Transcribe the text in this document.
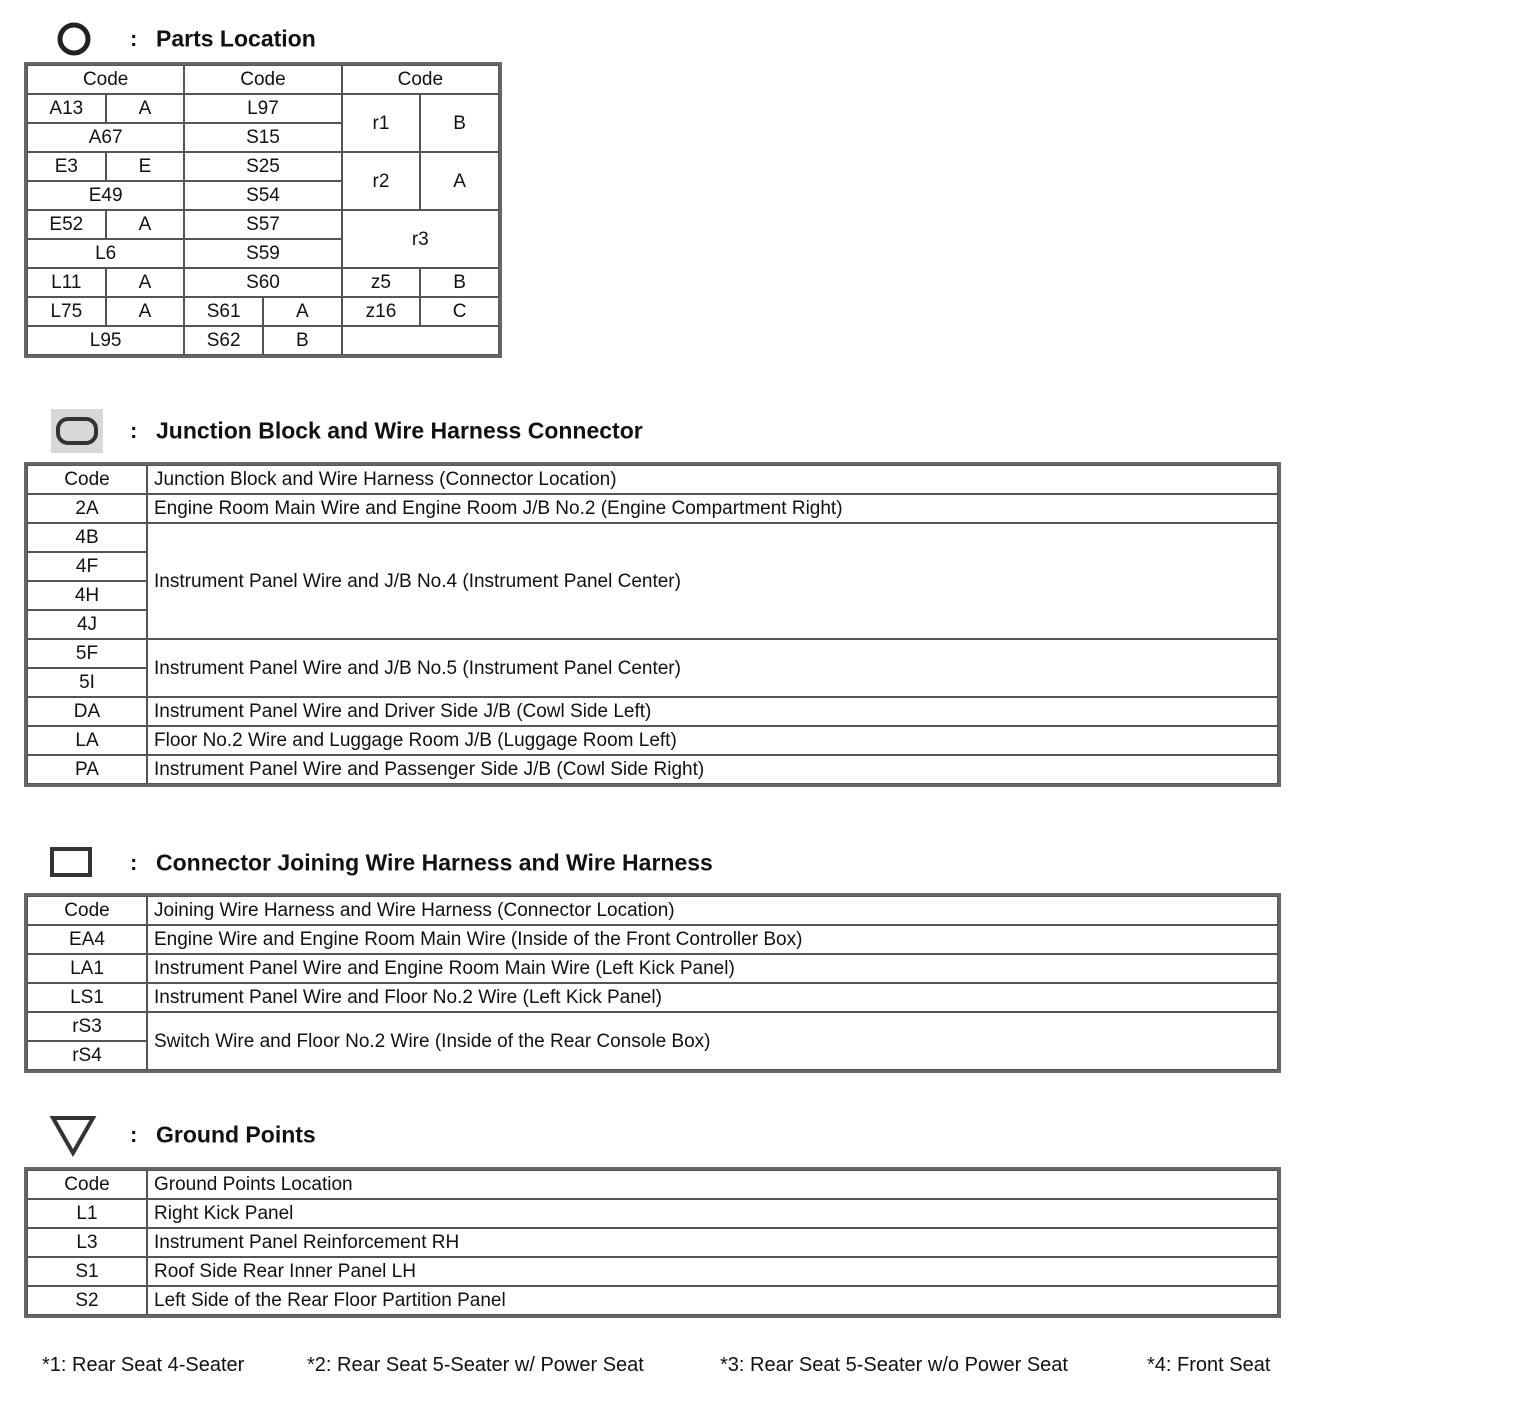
: Parts Location
Code		Code		Code	
A13	A	L97		r1	B
A67		S15			
E3	E	S25		r2	A
E49		S54			
E52	A	S57		r3	
L6		S59			
L11	A	S60		z5	B
L75	A	S61	A	z16	C
L95		S62	B		
: Junction Block and Wire Harness Connector
Code	Junction Block and Wire Harness (Connector Location)
2A	Engine Room Main Wire and Engine Room J/B No.2 (Engine Compartment Right)
4B	Instrument Panel Wire and J/B No.4 (Instrument Panel Center)
4F	
4H	
4J	
5F	Instrument Panel Wire and J/B No.5 (Instrument Panel Center)
5I	
DA	Instrument Panel Wire and Driver Side J/B (Cowl Side Left)
LA	Floor No.2 Wire and Luggage Room J/B (Luggage Room Left)
PA	Instrument Panel Wire and Passenger Side J/B (Cowl Side Right)
: Connector Joining Wire Harness and Wire Harness
Code	Joining Wire Harness and Wire Harness (Connector Location)
EA4	Engine Wire and Engine Room Main Wire (Inside of the Front Controller Box)
LA1	Instrument Panel Wire and Engine Room Main Wire (Left Kick Panel)
LS1	Instrument Panel Wire and Floor No.2 Wire (Left Kick Panel)
rS3	Switch Wire and Floor No.2 Wire (Inside of the Rear Console Box)
rS4	
: Ground Points
Code	Ground Points Location
L1	Right Kick Panel
L3	Instrument Panel Reinforcement RH
S1	Roof Side Rear Inner Panel LH
S2	Left Side of the Rear Floor Partition Panel
*1: Rear Seat 4-Seater	*2: Rear Seat 5-Seater w/ Power Seat	*3: Rear Seat 5-Seater w/o Power Seat	*4: Front Seat
